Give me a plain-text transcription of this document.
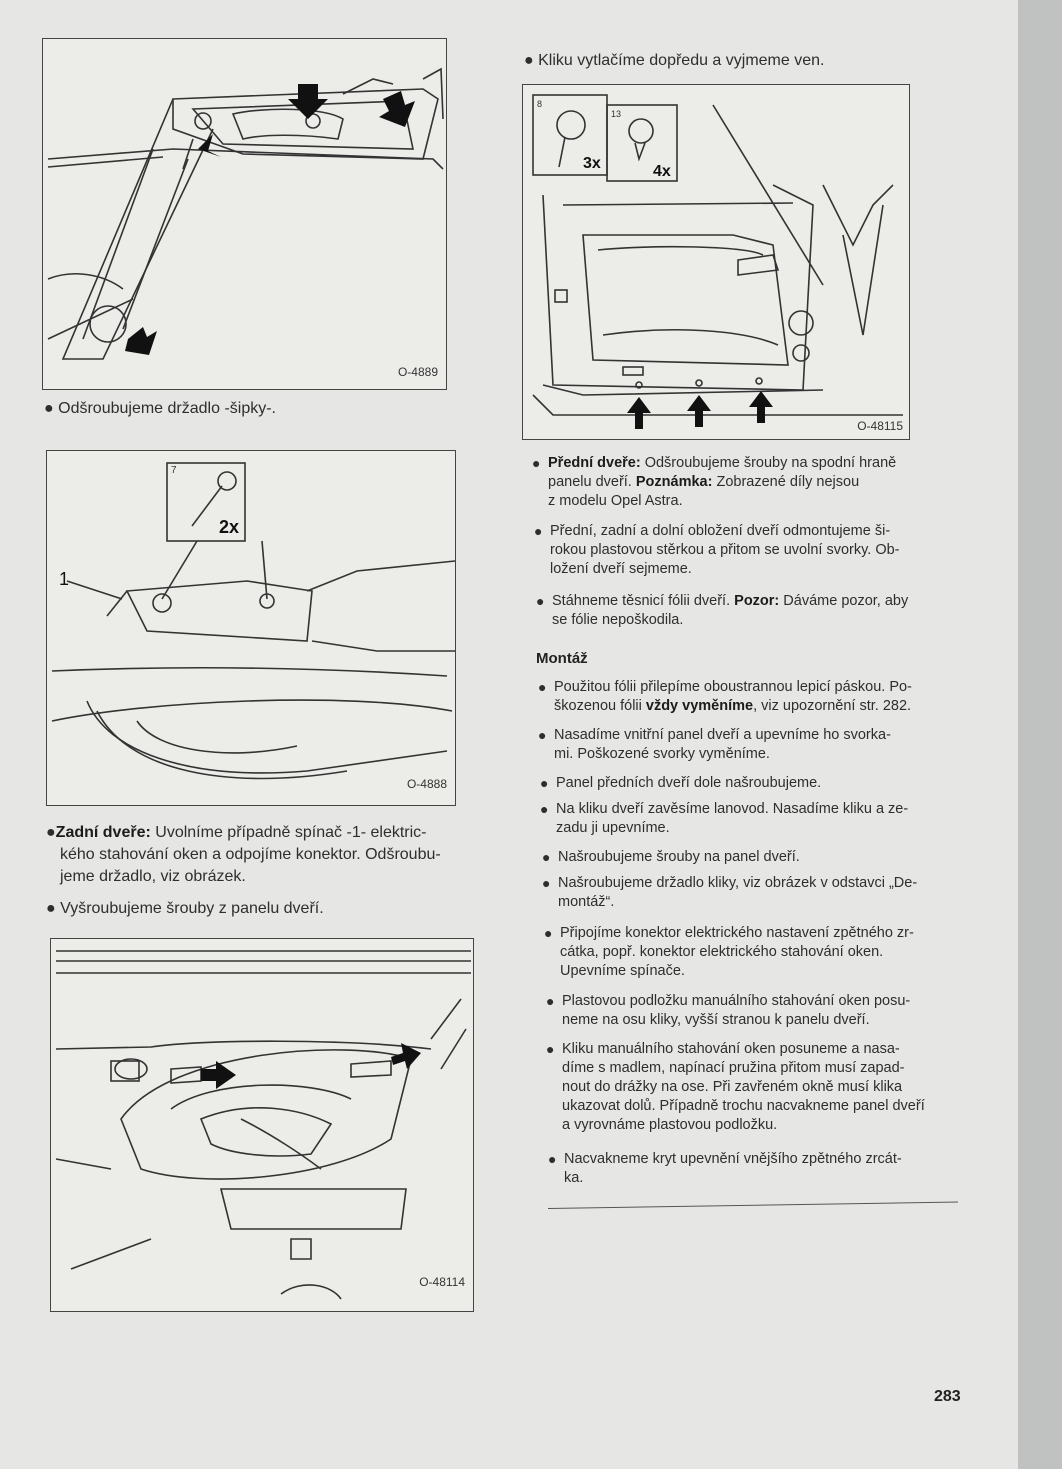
O-4889
● Odšroubujeme držadlo -šipky-.
7
2x
1
O-4888
●Zadní dveře: Uvolníme případně spínač -1- elektric-
kého stahování oken a odpojíme konektor. Odšroubu-
jeme držadlo, viz obrázek.
● Vyšroubujeme šrouby z panelu dveří.
O-48114
● Kliku vytlačíme dopředu a vyjmeme ven.
8
3x
13
4x
O-48115
● Přední dveře: Odšroubujeme šrouby na spodní hraně
panelu dveří. Poznámka: Zobrazené díly nejsou
z modelu Opel Astra.
● Přední, zadní a dolní obložení dveří odmontujeme ši-
rokou plastovou stěrkou a přitom se uvolní svorky. Ob-
ložení dveří sejmeme.
● Stáhneme těsnicí fólii dveří. Pozor: Dáváme pozor, aby
se fólie nepoškodila.
Montáž
● Použitou fólii přilepíme oboustrannou lepicí páskou. Po-
škozenou fólii vždy vyměníme, viz upozornění str. 282.
● Nasadíme vnitřní panel dveří a upevníme ho svorka-
mi. Poškozené svorky vyměníme.
● Panel předních dveří dole našroubujeme.
● Na kliku dveří zavěsíme lanovod. Nasadíme kliku a ze-
zadu ji upevníme.
● Našroubujeme šrouby na panel dveří.
● Našroubujeme držadlo kliky, viz obrázek v odstavci „De-
montáž“.
● Připojíme konektor elektrického nastavení zpětného zr-
cátka, popř. konektor elektrického stahování oken.
Upevníme spínače.
● Plastovou podložku manuálního stahování oken posu-
neme na osu kliky, vyšší stranou k panelu dveří.
● Kliku manuálního stahování oken posuneme a nasa-
díme s madlem, napínací pružina přitom musí zapad-
nout do drážky na ose. Při zavřeném okně musí klika
ukazovat dolů. Případně trochu nacvakneme panel dveří
a vyrovnáme plastovou podložku.
● Nacvakneme kryt upevnění vnějšího zpětného zrcát-
ka.
283
